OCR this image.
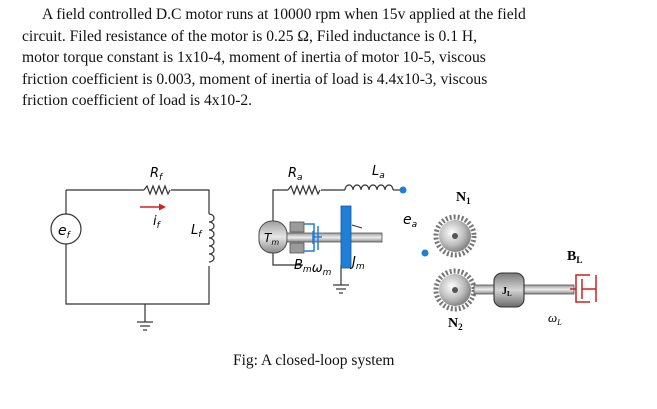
A field controlled D.C motor runs at 10000 rpm when 15v applied at the field

circuit. Filed resistance of the motor is 0.25 Ω, Filed inductance is 0.1 H,

motor torque constant is 1x10-4, moment of inertia of motor 10-5, viscous

friction coefficient is 0.003, moment of inertia of load is 4.4x10-3, viscous

friction coefficient of load is 4x10-2.

$e_f$
$R_f$
$i_f$ $L_f$	$T_m$
$R_a$	$L_a$
$e_a$
$B_m\omega_m$
$J_m$
$N_1$
$N_2$
$J_L$
$B_L$
$\omega_L$
Fig: A closed-loop system
